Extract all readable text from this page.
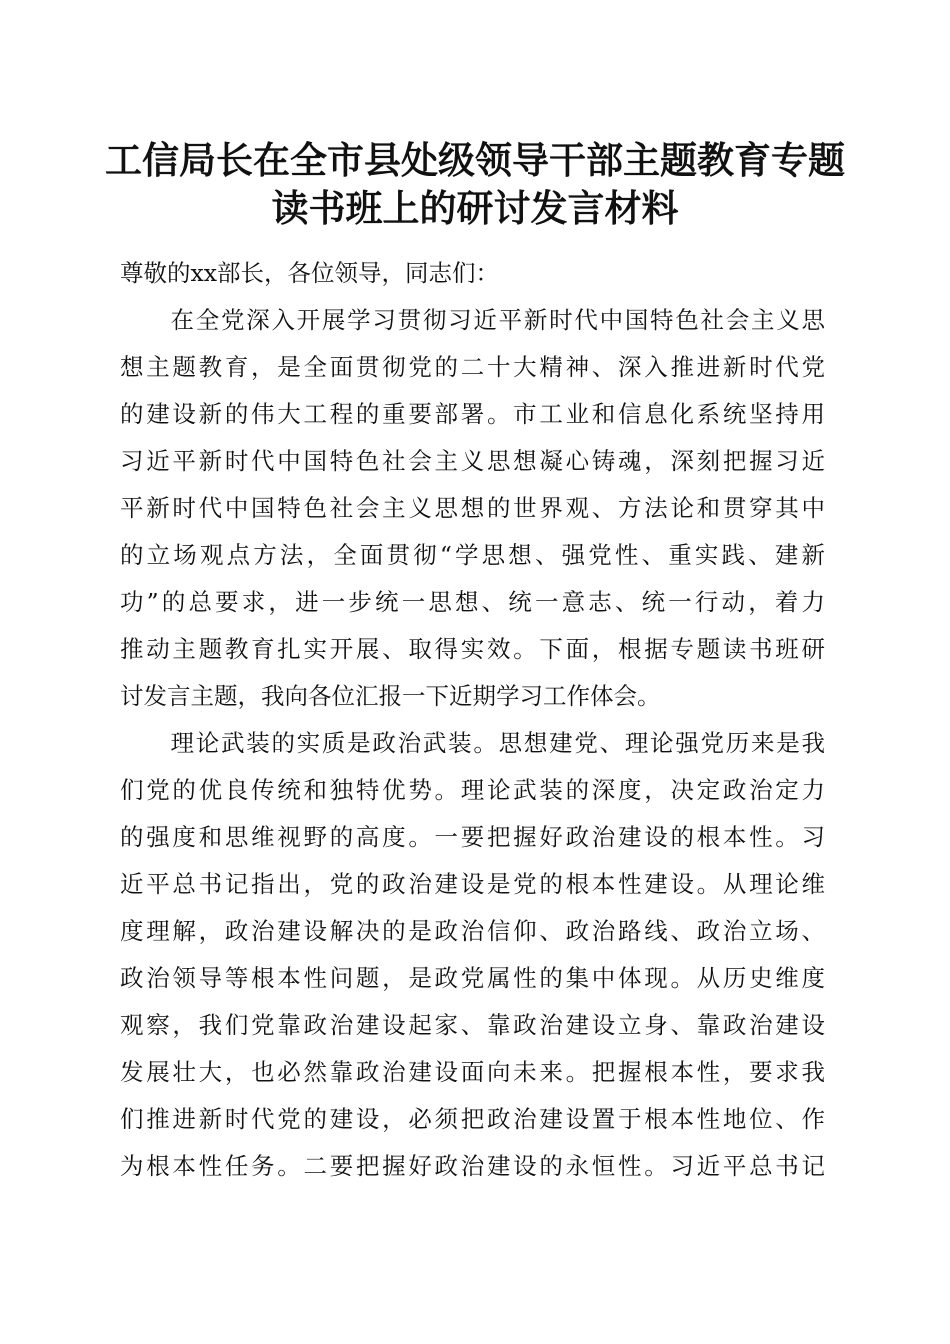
工信局长在全市县处级领导干部主题教育专题
读书班上的研讨发言材料

尊敬的xx部长，各位领导，同志们：

　　在全党深入开展学习贯彻习近平新时代中国特色社会主义思
想主题教育，是全面贯彻党的二十大精神、深入推进新时代党
的建设新的伟大工程的重要部署。市工业和信息化系统坚持用
习近平新时代中国特色社会主义思想凝心铸魂，深刻把握习近
平新时代中国特色社会主义思想的世界观、方法论和贯穿其中
的立场观点方法，全面贯彻“学思想、强党性、重实践、建新
功”的总要求，进一步统一思想、统一意志、统一行动，着力
推动主题教育扎实开展、取得实效。下面，根据专题读书班研
讨发言主题，我向各位汇报一下近期学习工作体会。
　　理论武装的实质是政治武装。思想建党、理论强党历来是我
们党的优良传统和独特优势。理论武装的深度，决定政治定力
的强度和思维视野的高度。一要把握好政治建设的根本性。习
近平总书记指出，党的政治建设是党的根本性建设。从理论维
度理解，政治建设解决的是政治信仰、政治路线、政治立场、
政治领导等根本性问题，是政党属性的集中体现。从历史维度
观察，我们党靠政治建设起家、靠政治建设立身、靠政治建设
发展壮大，也必然靠政治建设面向未来。把握根本性，要求我
们推进新时代党的建设，必须把政治建设置于根本性地位、作
为根本性任务。二要把握好政治建设的永恒性。习近平总书记
